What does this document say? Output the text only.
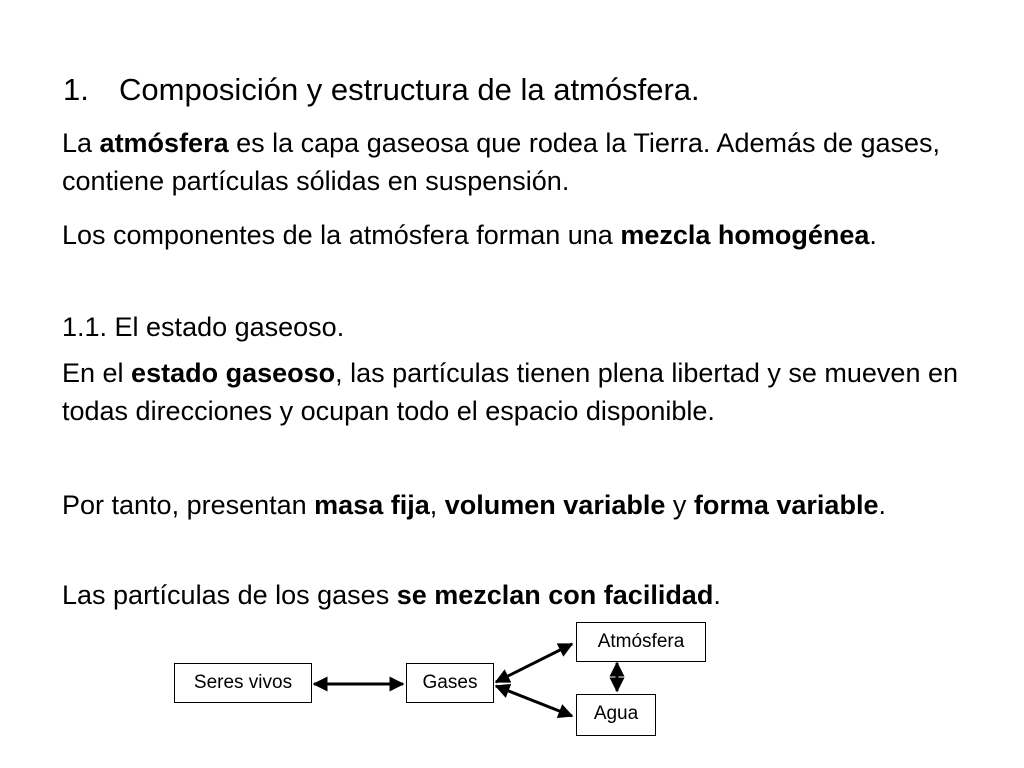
1. Composición y estructura de la atmósfera.

La atmósfera es la capa gaseosa que rodea la Tierra. Además de gases, contiene partículas sólidas en suspensión.

Los componentes de la atmósfera forman una mezcla homogénea.

1.1. El estado gaseoso.

En el estado gaseoso, las partículas tienen plena libertad y se mueven en todas direcciones y ocupan todo el espacio disponible.

Por tanto, presentan masa fija, volumen variable y forma variable.

Las partículas de los gases se mezclan con facilidad.

Seres vivos	Gases
Atmósfera
Agua
